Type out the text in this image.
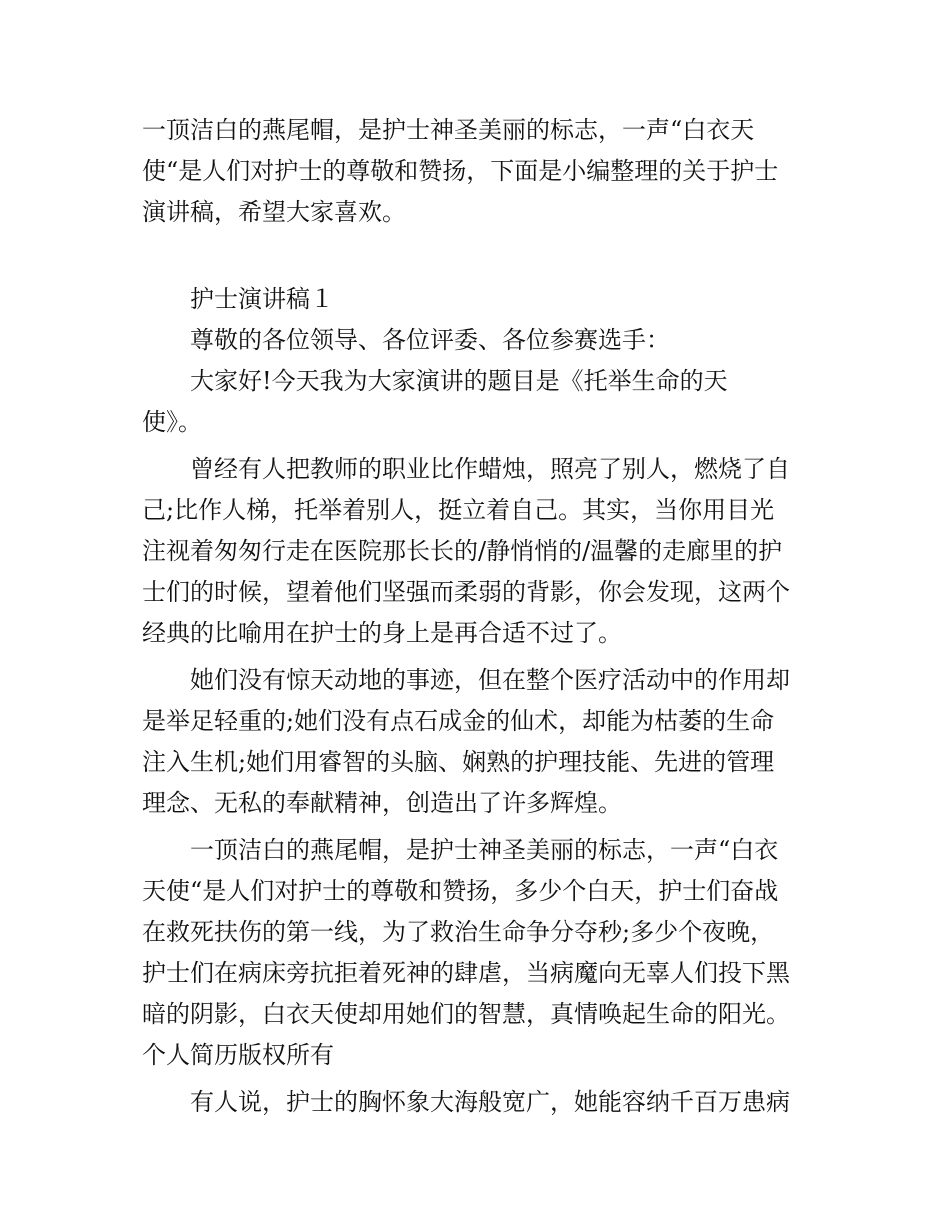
一顶洁白的燕尾帽，是护士神圣美丽的标志，一声“白衣天
使“是人们对护士的尊敬和赞扬，下面是小编整理的关于护士
演讲稿，希望大家喜欢。
护士演讲稿１
尊敬的各位领导、各位评委、各位参赛选手：
大家好!今天我为大家演讲的题目是《托举生命的天
使》。
曾经有人把教师的职业比作蜡烛，照亮了别人，燃烧了自
己;比作人梯，托举着别人，挺立着自己。其实，当你用目光
注视着匆匆行走在医院那长长的/静悄悄的/温馨的走廊里的护
士们的时候，望着他们坚强而柔弱的背影，你会发现，这两个
经典的比喻用在护士的身上是再合适不过了。
她们没有惊天动地的事迹，但在整个医疗活动中的作用却
是举足轻重的;她们没有点石成金的仙术，却能为枯萎的生命
注入生机;她们用睿智的头脑、娴熟的护理技能、先进的管理
理念、无私的奉献精神，创造出了许多辉煌。
一顶洁白的燕尾帽，是护士神圣美丽的标志，一声“白衣
天使“是人们对护士的尊敬和赞扬，多少个白天，护士们奋战
在救死扶伤的第一线，为了救治生命争分夺秒;多少个夜晚，
护士们在病床旁抗拒着死神的肆虐，当病魔向无辜人们投下黑
暗的阴影，白衣天使却用她们的智慧，真情唤起生命的阳光。
个人简历版权所有
有人说，护士的胸怀象大海般宽广，她能容纳千百万患病
